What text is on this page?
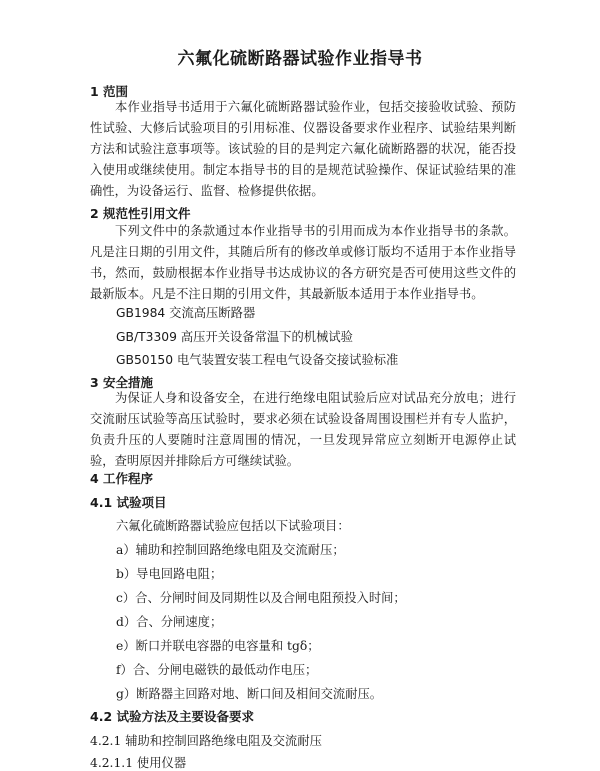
六氟化硫断路器试验作业指导书
1 范围
本作业指导书适用于六氟化硫断路器试验作业，包括交接验收试验、预防性试验、大修后试验项目的引用标准、仪器设备要求作业程序、试验结果判断方法和试验注意事项等。该试验的目的是判定六氟化硫断路器的状况，能否投入使用或继续使用。制定本指导书的目的是规范试验操作、保证试验结果的准确性，为设备运行、监督、检修提供依据。
2 规范性引用文件
下列文件中的条款通过本作业指导书的引用而成为本作业指导书的条款。凡是注日期的引用文件，其随后所有的修改单或修订版均不适用于本作业指导书，然而，鼓励根据本作业指导书达成协议的各方研究是否可使用这些文件的最新版本。凡是不注日期的引用文件，其最新版本适用于本作业指导书。
GB1984 交流高压断路器
GB/T3309 高压开关设备常温下的机械试验
GB50150 电气装置安装工程电气设备交接试验标准
3 安全措施
为保证人身和设备安全，在进行绝缘电阻试验后应对试品充分放电；进行交流耐压试验等高压试验时，要求必须在试验设备周围设围栏并有专人监护，负责升压的人要随时注意周围的情况，一旦发现异常应立刻断开电源停止试验，查明原因并排除后方可继续试验。
4 工作程序
4.1 试验项目
六氟化硫断路器试验应包括以下试验项目：
a）辅助和控制回路绝缘电阻及交流耐压；
b）导电回路电阻；
c）合、分闸时间及同期性以及合闸电阻预投入时间；
d）合、分闸速度；
e）断口并联电容器的电容量和 tgδ；
f）合、分闸电磁铁的最低动作电压；
g）断路器主回路对地、断口间及相间交流耐压。
4.2 试验方法及主要设备要求
4.2.1 辅助和控制回路绝缘电阻及交流耐压
4.2.1.1 使用仪器
